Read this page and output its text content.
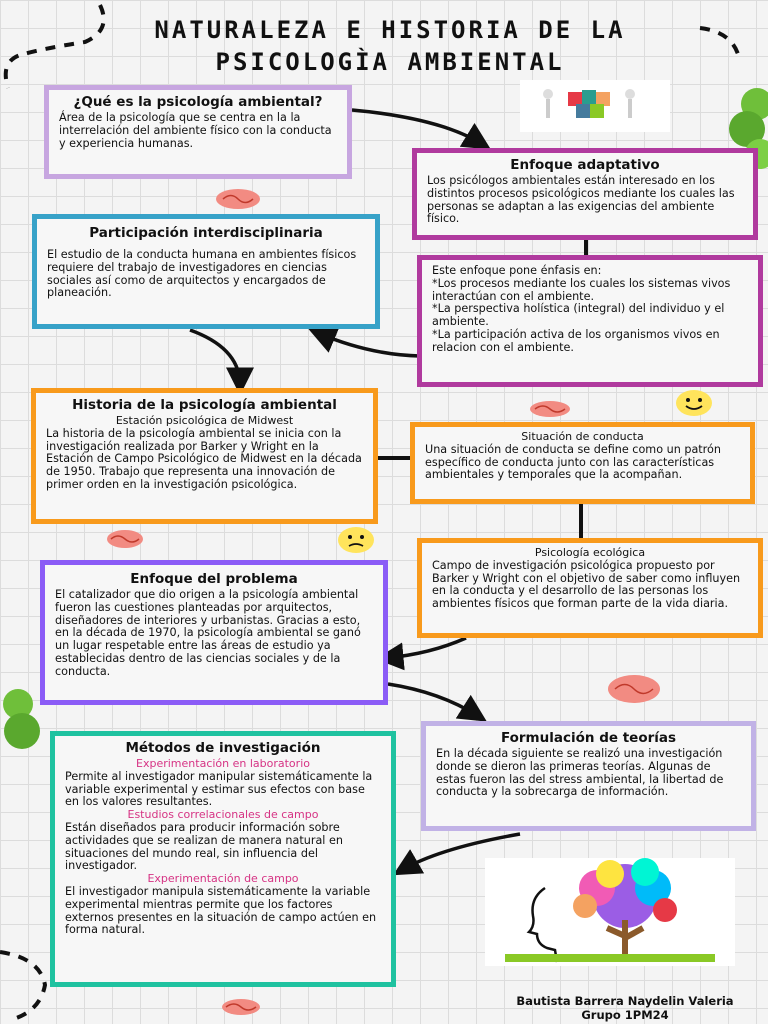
NATURALEZA E HISTORIA DE LA
PSICOLOGÌA AMBIENTAL
¿Qué es la psicología ambiental?

Área de la psicología que se centra en la la interrelación del ambiente físico con la conducta y experiencia humanas.

Enfoque adaptativo

Los psicólogos ambientales están interesado en los distintos procesos psicológicos mediante los cuales las personas se adaptan a las exigencias del ambiente físico.

Este enfoque pone énfasis en:

*Los procesos mediante los cuales los sistemas vivos interactúan con el ambiente.

*La perspectiva holística (integral) del individuo y el ambiente.

*La participación activa de los organismos vivos en relacion con el ambiente.

Participación interdisciplinaria

El estudio de la conducta humana en ambientes físicos requiere del trabajo de investigadores en ciencias sociales así como de arquitectos y encargados de planeación.

Historia de la psicología ambiental
Estación psicológica de Midwest

La historia de la psicología ambiental se inicia con la investigación realizada por Barker y Wright en la Estación de Campo Psicológico de Midwest en la década de 1950. Trabajo que representa una innovación de primer orden en la investigación psicológica.

Situación de conducta

Una situación de conducta se define como un patrón específico de conducta junto con las características ambientales y temporales que la acompañan.

Psicología ecológica

Campo de investigación psicológica propuesto por Barker y Wright con el objetivo de saber como influyen en la conducta y el desarrollo de las personas los ambientes físicos que forman parte de la vida diaria.

Enfoque del problema

El catalizador que dio origen a la psicología ambiental fueron las cuestiones planteadas por arquitectos, diseñadores de interiores y urbanistas. Gracias a esto, en la década de 1970, la psicología ambiental se ganó un lugar respetable entre las áreas de estudio ya establecidas dentro de las ciencias sociales y de la conducta.

Formulación de teorías

En la década siguiente se realizó una investigación donde se dieron las primeras teorías. Algunas de estas fueron las del stress ambiental, la libertad de conducta y la sobrecarga de información.

Métodos de investigación
Experimentación en laboratorio

Permite al investigador manipular sistemáticamente la variable experimental y estimar sus efectos con base en los valores resultantes.

Estudios correlacionales de campo

Están diseñados para producir información sobre actividades que se realizan de manera natural en situaciones del mundo real, sin influencia del investigador.

Experimentación de campo

El investigador manipula sistemáticamente la variable experimental mientras permite que los factores externos presentes en la situación de campo actúen en forma natural.

Bautista Barrera Naydelin Valeria
Grupo 1PM24
